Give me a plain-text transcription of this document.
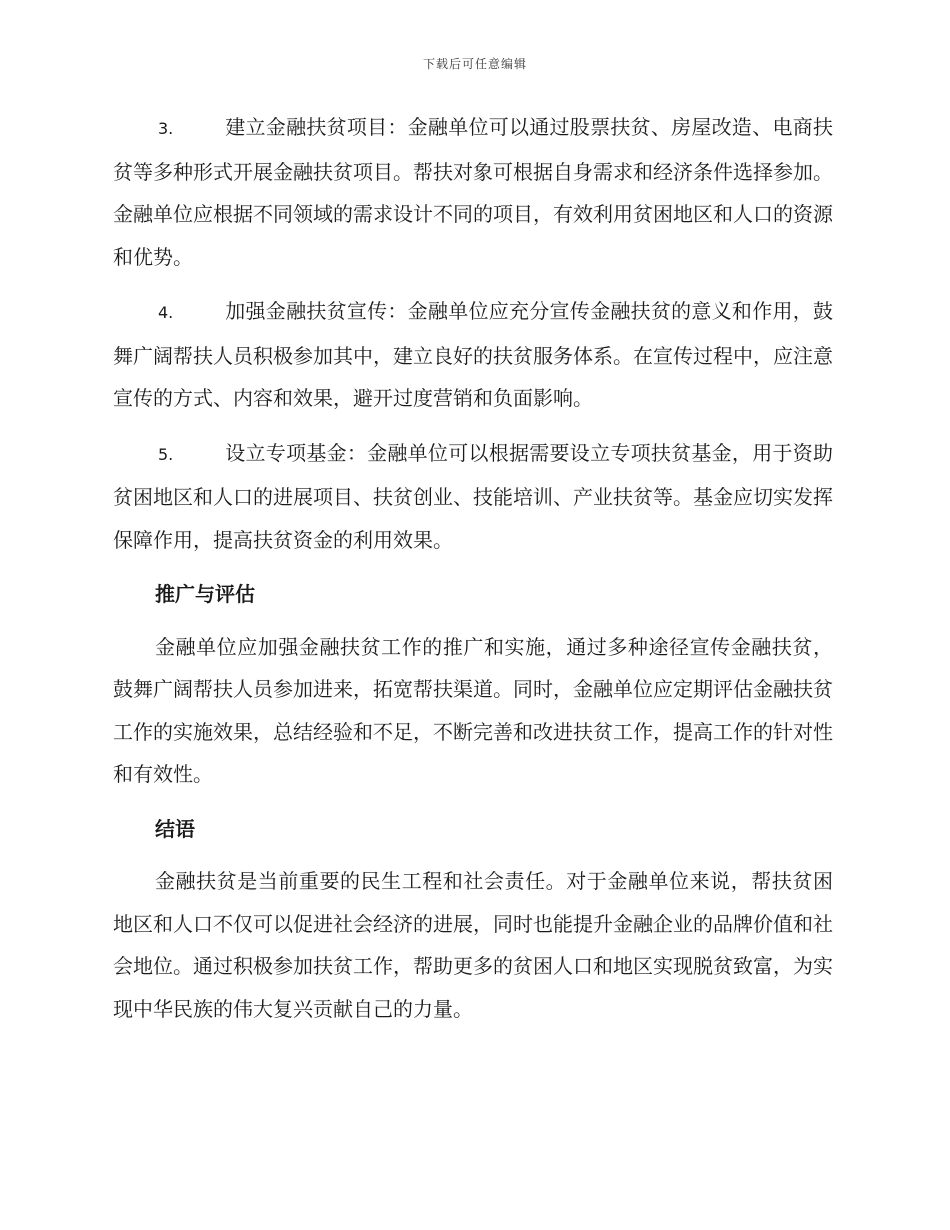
下载后可任意编辑

3.	建立金融扶贫项目：金融单位可以通过股票扶贫、房屋改造、电商扶贫等多种形式开展金融扶贫项目。帮扶对象可根据自身需求和经济条件选择参加。金融单位应根据不同领域的需求设计不同的项目，有效利用贫困地区和人口的资源和优势。

4.	加强金融扶贫宣传：金融单位应充分宣传金融扶贫的意义和作用，鼓舞广阔帮扶人员积极参加其中，建立良好的扶贫服务体系。在宣传过程中，应注意宣传的方式、内容和效果，避开过度营销和负面影响。

5.	设立专项基金：金融单位可以根据需要设立专项扶贫基金，用于资助贫困地区和人口的进展项目、扶贫创业、技能培训、产业扶贫等。基金应切实发挥保障作用，提高扶贫资金的利用效果。

推广与评估

金融单位应加强金融扶贫工作的推广和实施，通过多种途径宣传金融扶贫，鼓舞广阔帮扶人员参加进来，拓宽帮扶渠道。同时，金融单位应定期评估金融扶贫工作的实施效果，总结经验和不足，不断完善和改进扶贫工作，提高工作的针对性和有效性。

结语

金融扶贫是当前重要的民生工程和社会责任。对于金融单位来说，帮扶贫困地区和人口不仅可以促进社会经济的进展，同时也能提升金融企业的品牌价值和社会地位。通过积极参加扶贫工作，帮助更多的贫困人口和地区实现脱贫致富，为实现中华民族的伟大复兴贡献自己的力量。
